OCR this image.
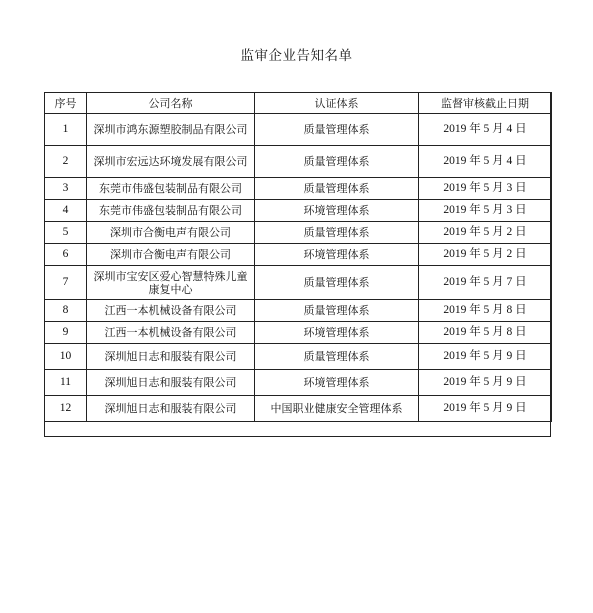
监审企业告知名单
序号	公司名称	认证体系	监督审核截止日期
1	深圳市鸿东源塑胶制品有限公司	质量管理体系	2019 年 5 月 4 日
2	深圳市宏远达环境发展有限公司	质量管理体系	2019 年 5 月 4 日
3	东莞市伟盛包装制品有限公司	质量管理体系	2019 年 5 月 3 日
4	东莞市伟盛包装制品有限公司	环境管理体系	2019 年 5 月 3 日
5	深圳市合衡电声有限公司	质量管理体系	2019 年 5 月 2 日
6	深圳市合衡电声有限公司	环境管理体系	2019 年 5 月 2 日
7	深圳市宝安区爱心智慧特殊儿童康复中心	质量管理体系	2019 年 5 月 7 日
8	江西一本机械设备有限公司	质量管理体系	2019 年 5 月 8 日
9	江西一本机械设备有限公司	环境管理体系	2019 年 5 月 8 日
10	深圳旭日志和服装有限公司	质量管理体系	2019 年 5 月 9 日
11	深圳旭日志和服装有限公司	环境管理体系	2019 年 5 月 9 日
12	深圳旭日志和服装有限公司	中国职业健康安全管理体系	2019 年 5 月 9 日
